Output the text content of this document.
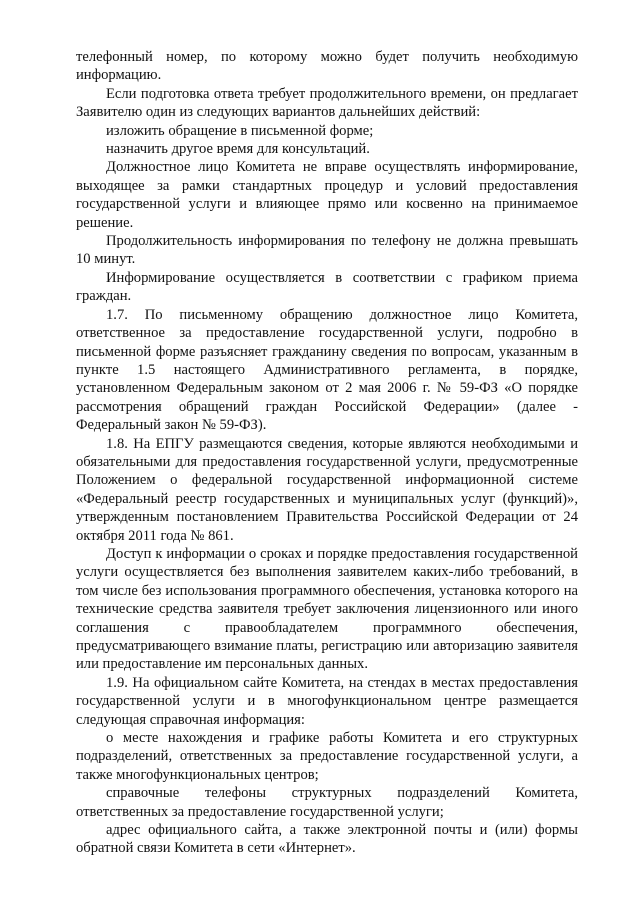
телефонный номер, по которому можно будет получить необходимую информацию.

Если подготовка ответа требует продолжительного времени, он предлагает Заявителю один из следующих вариантов дальнейших действий:

изложить обращение в письменной форме;

назначить другое время для консультаций.

Должностное лицо Комитета не вправе осуществлять информирование, выходящее за рамки стандартных процедур и условий предоставления государственной услуги и влияющее прямо или косвенно на принимаемое решение.

Продолжительность информирования по телефону не должна превышать 10 минут.

Информирование осуществляется в соответствии с графиком приема граждан.

1.7. По письменному обращению должностное лицо Комитета, ответственное за предоставление государственной услуги, подробно в письменной форме разъясняет гражданину сведения по вопросам, указанным в пункте 1.5 настоящего Административного регламента, в порядке, установленном Федеральным законом от 2 мая 2006 г. № 59-ФЗ «О порядке рассмотрения обращений граждан Российской Федерации» (далее - Федеральный закон № 59-ФЗ).

1.8. На ЕПГУ размещаются сведения, которые являются необходимыми и обязательными для предоставления государственной услуги, предусмотренные Положением о федеральной государственной информационной системе «Федеральный реестр государственных и муниципальных услуг (функций)», утвержденным постановлением Правительства Российской Федерации от 24 октября 2011 года № 861.

Доступ к информации о сроках и порядке предоставления государственной услуги осуществляется без выполнения заявителем каких-либо требований, в том числе без использования программного обеспечения, установка которого на технические средства заявителя требует заключения лицензионного или иного соглашения с правообладателем программного обеспечения, предусматривающего взимание платы, регистрацию или авторизацию заявителя или предоставление им персональных данных.

1.9. На официальном сайте Комитета, на стендах в местах предоставления государственной услуги и в многофункциональном центре размещается следующая справочная информация:

о месте нахождения и графике работы Комитета и его структурных подразделений, ответственных за предоставление государственной услуги, а также многофункциональных центров;

справочные телефоны структурных подразделений Комитета, ответственных за предоставление государственной услуги;

адрес официального сайта, а также электронной почты и (или) формы обратной связи Комитета в сети «Интернет».
